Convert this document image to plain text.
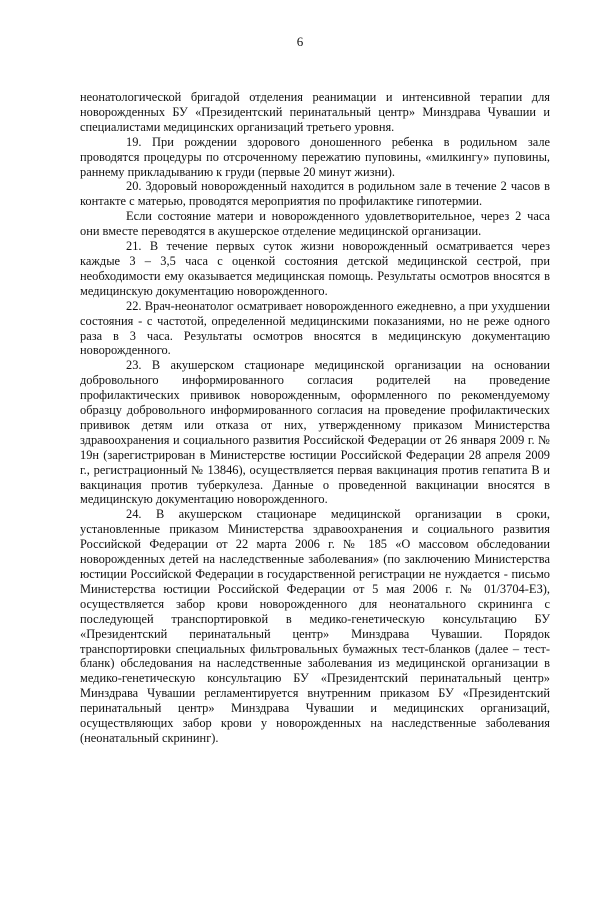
6

неонатологической бригадой отделения реанимации и интенсивной терапии для новорожденных БУ «Президентский перинатальный центр» Минздрава Чувашии и специалистами медицинских организаций третьего уровня.

19. При рождении здорового доношенного ребенка в родильном зале проводятся процедуры по отсроченному пережатию пуповины, «милкингу» пуповины, раннему прикладыванию к груди (первые 20 минут жизни).

20. Здоровый новорожденный находится в родильном зале в течение 2 часов в контакте с матерью, проводятся мероприятия по профилактике гипотермии.

Если состояние матери и новорожденного удовлетворительное, через 2 часа они вместе переводятся в акушерское отделение медицинской организации.

21. В течение первых суток жизни новорожденный осматривается через каждые 3 – 3,5 часа с оценкой состояния детской медицинской сестрой, при необходимости ему оказывается медицинская помощь. Результаты осмотров вносятся в медицинскую документацию новорожденного.

22. Врач-неонатолог осматривает новорожденного ежедневно, а при ухудшении состояния - с частотой, определенной медицинскими показаниями, но не реже одного раза в 3 часа. Результаты осмотров вносятся в медицинскую документацию новорожденного.

23. В акушерском стационаре медицинской организации на основании добровольного информированного согласия родителей на проведение профилактических прививок новорожденным, оформленного по рекомендуемому образцу добровольного информированного согласия на проведение профилактических прививок детям или отказа от них, утвержденному приказом Министерства здравоохранения и социального развития Российской Федерации от 26 января 2009 г. № 19н (зарегистрирован в Министерстве юстиции Российской Федерации 28 апреля 2009 г., регистрационный № 13846), осуществляется первая вакцинация против гепатита В и вакцинация против туберкулеза. Данные о проведенной вакцинации вносятся в медицинскую документацию новорожденного.

24. В акушерском стационаре медицинской организации в сроки, установленные приказом Министерства здравоохранения и социального развития Российской Федерации от 22 марта 2006 г. № 185 «О массовом обследовании новорожденных детей на наследственные заболевания» (по заключению Министерства юстиции Российской Федерации в государственной регистрации не нуждается - письмо Министерства юстиции Российской Федерации от 5 мая 2006 г. № 01/3704-ЕЗ), осуществляется забор крови новорожденного для неонатального скрининга с последующей транспортировкой в медико-генетическую консультацию БУ «Президентский перинатальный центр» Минздрава Чувашии. Порядок транспортировки специальных фильтровальных бумажных тест-бланков (далее – тест-бланк) обследования на наследственные заболевания из медицинской организации в медико-генетическую консультацию БУ «Президентский перинатальный центр» Минздрава Чувашии регламентируется внутренним приказом БУ «Президентский перинатальный центр» Минздрава Чувашии и медицинских организаций, осуществляющих забор крови у новорожденных на наследственные заболевания (неонатальный скрининг).
